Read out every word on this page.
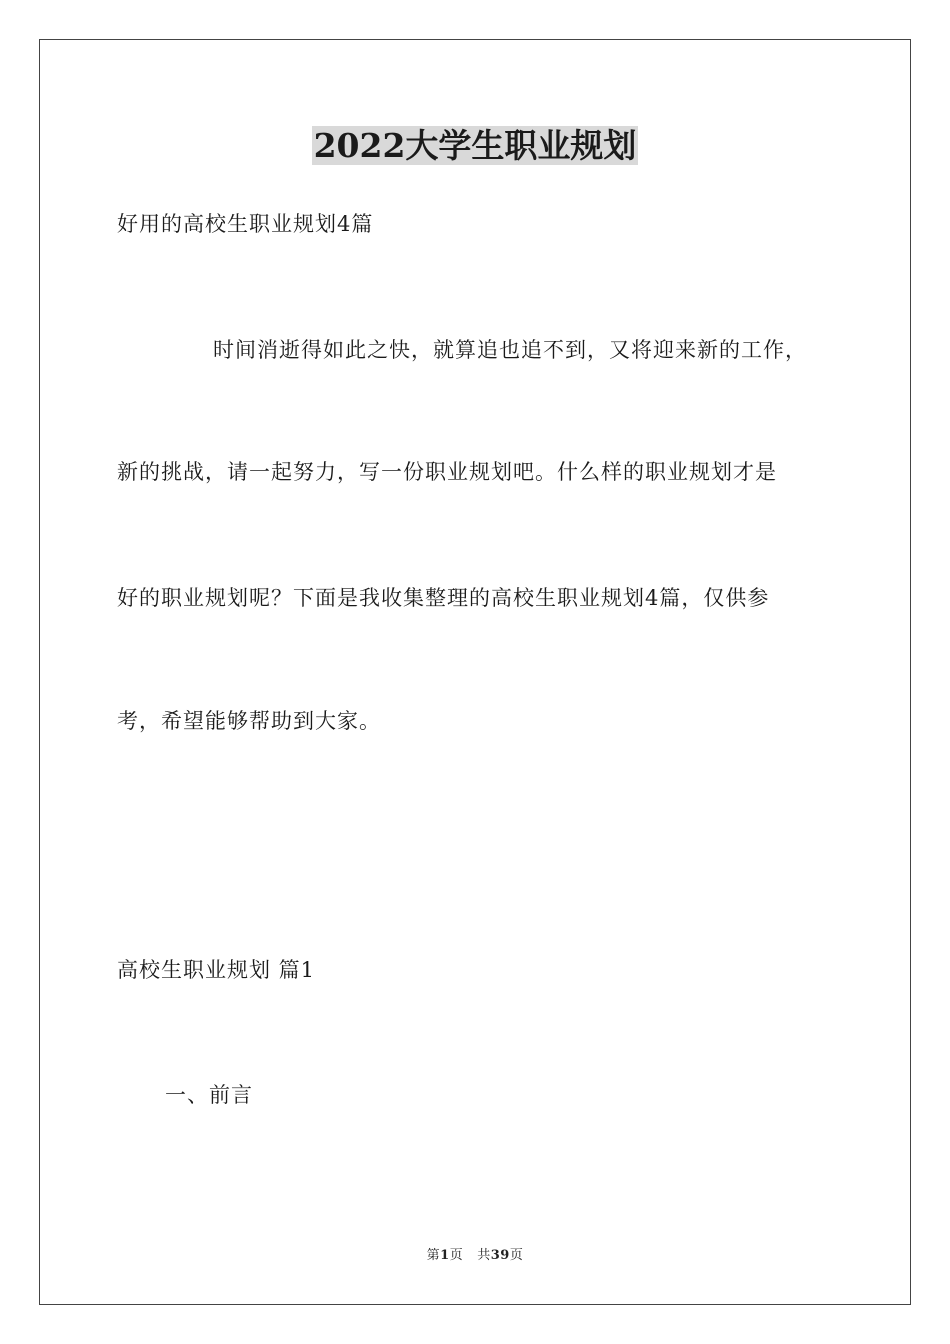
2022大学生职业规划
好用的高校生职业规划4篇
时间消逝得如此之快，就算追也追不到，又将迎来新的工作，
新的挑战，请一起努力，写一份职业规划吧。什么样的职业规划才是
好的职业规划呢？下面是我收集整理的高校生职业规划4篇，仅供参
考，希望能够帮助到大家。
高校生职业规划 篇1
一、前言
第1页 共39页
